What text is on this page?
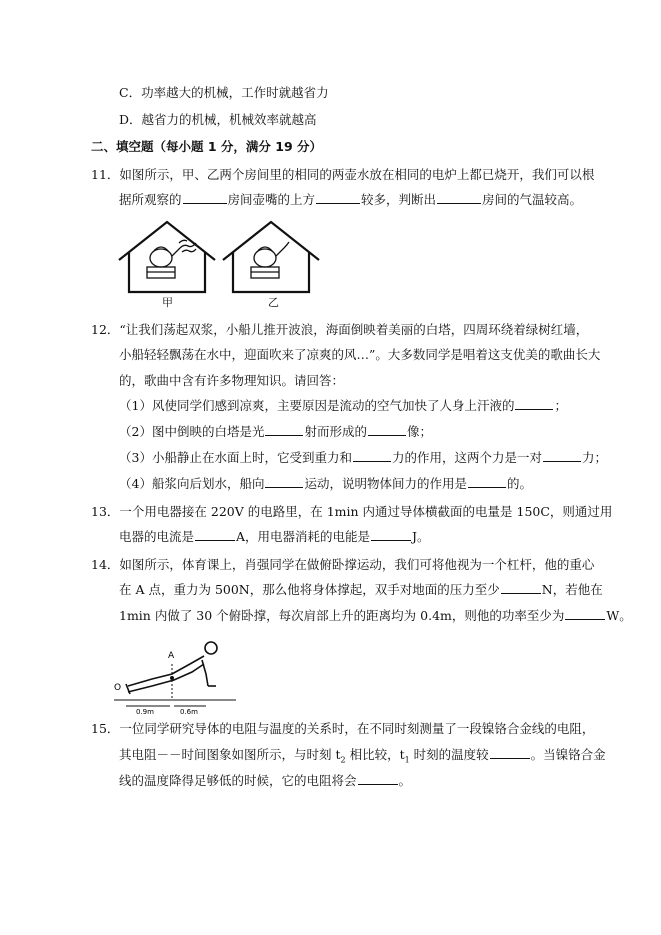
C．功率越大的机械，工作时就越省力
D．越省力的机械，机械效率就越高
二、填空题（每小题 1 分，满分 19 分）
11．如图所示，甲、乙两个房间里的相同的两壶水放在相同的电炉上都已烧开，我们可以根
据所观察的	房间壶嘴的上方	较多，判断出	房间的气温较高。
甲	乙
12．“让我们荡起双浆，小船儿推开波浪，海面倒映着美丽的白塔，四周环绕着绿树红墙，
小船轻轻飘荡在水中，迎面吹来了凉爽的风…”。大多数同学是唱着这支优美的歌曲长大
的，歌曲中含有许多物理知识。请回答：
（1）风使同学们感到凉爽，主要原因是流动的空气加快了人身上汗液的	；
（2）图中倒映的白塔是光	射而形成的	像；
（3）小船静止在水面上时，它受到重力和	力的作用，这两个力是一对	力；
（4）船浆向后划水，船向	运动，说明物体间力的作用是	的。
13．一个用电器接在 220V 的电路里，在 1min 内通过导体横截面的电量是 150C，则通过用
电器的电流是	A，用电器消耗的电能是	J。
14．如图所示，体育课上，肖强同学在做俯卧撑运动，我们可将他视为一个杠杆，他的重心
在 A 点，重力为 500N，那么他将身体撑起，双手对地面的压力至少	N，若他在
1min 内做了 30 个俯卧撑，每次肩部上升的距离均为 0.4m，则他的功率至少为	W。
A
O
0.9m	0.6m
15．一位同学研究导体的电阻与温度的关系时，在不同时刻测量了一段镍铬合金线的电阻，
其电阻－－时间图象如图所示，与时刻 $t_2$ 相比较，$t_1$ 时刻的温度较	。当镍铬合金
线的温度降得足够低的时候，它的电阻将会	。
